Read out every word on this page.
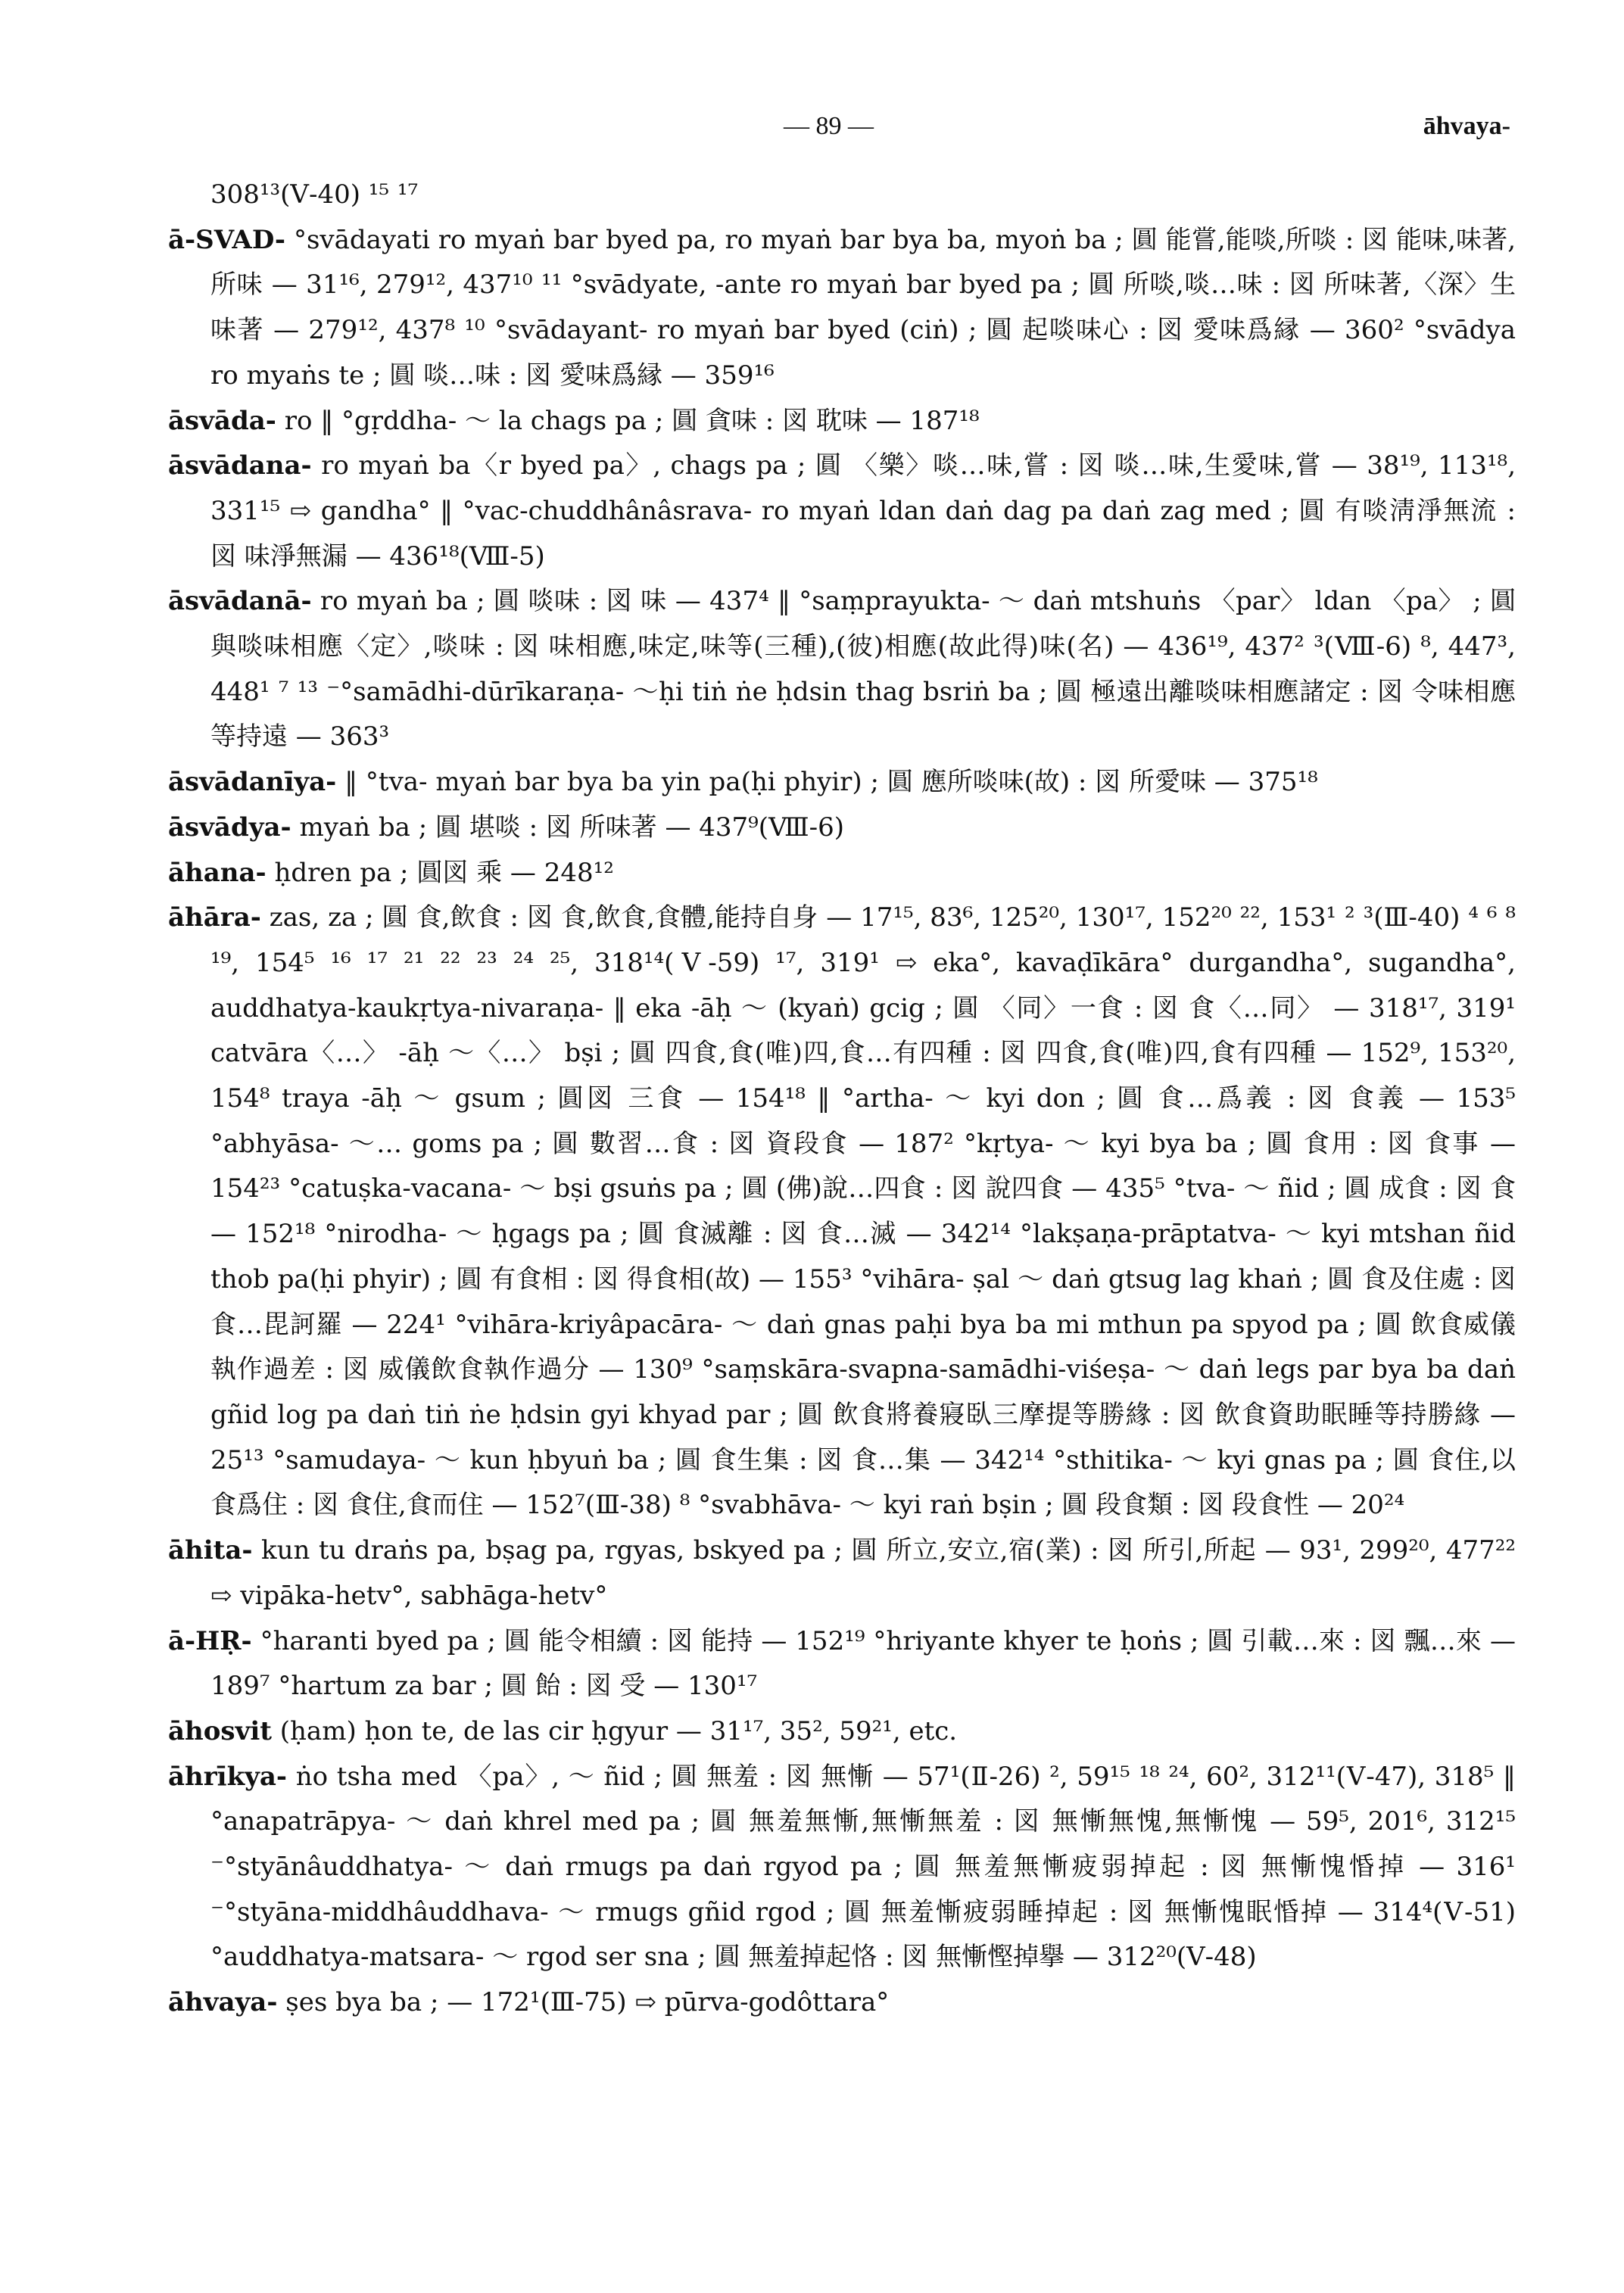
— 89 —	āhvaya-

308¹³(Ⅴ-40) ¹⁵ ¹⁷

ā-SVAD- °svādayati ro myaṅ bar byed pa, ro myaṅ bar bya ba, myoṅ ba ; 圓 能嘗,能啖,所啖 : 図 能味,味著,所味 — 31¹⁶, 279¹², 437¹⁰ ¹¹ °svādyate, -ante ro myaṅ bar byed pa ; 圓 所啖,啖…味 : 図 所味著,〈深〉生味著 — 279¹², 437⁸ ¹⁰ °svādayant- ro myaṅ bar byed (ciṅ) ; 圓 起啖味心 : 図 愛味爲縁 — 360² °svādya ro myaṅs te ; 圓 啖…味 : 図 愛味爲縁 — 359¹⁶

āsvāda- ro ‖ °gṛddha- ～ la chags pa ; 圓 貪味 : 図 耽味 — 187¹⁸

āsvādana- ro myaṅ ba〈r byed pa〉, chags pa ; 圓 〈樂〉啖…味,嘗 : 図 啖…味,生愛味,嘗 — 38¹⁹, 113¹⁸, 331¹⁵ ⇨ gandha° ‖ °vac-chuddhânâsrava- ro myaṅ ldan daṅ dag pa daṅ zag med ; 圓 有啖淸淨無流 : 図 味淨無漏 — 436¹⁸(Ⅷ-5)

āsvādanā- ro myaṅ ba ; 圓 啖味 : 図 味 — 437⁴ ‖ °saṃprayukta- ～ daṅ mtshuṅs 〈par〉 ldan 〈pa〉 ; 圓 與啖味相應〈定〉,啖味 : 図 味相應,味定,味等(三種),(彼)相應(故此得)味(名) — 436¹⁹, 437² ³(Ⅷ-6) ⁸, 447³, 448¹ ⁷ ¹³ ⁻°samādhi-dūrīkaraṇa- ～ḥi tiṅ ṅe ḥdsin thag bsriṅ ba ; 圓 極遠出離啖味相應諸定 : 図 令味相應等持遠 — 363³

āsvādanīya- ‖ °tva- myaṅ bar bya ba yin pa(ḥi phyir) ; 圓 應所啖味(故) : 図 所愛味 — 375¹⁸

āsvādya- myaṅ ba ; 圓 堪啖 : 図 所味著 — 437⁹(Ⅷ-6)

āhana- ḥdren pa ; 圓図 乘 — 248¹²

āhāra- zas, za ; 圓 食,飲食 : 図 食,飲食,食體,能持自身 — 17¹⁵, 83⁶, 125²⁰, 130¹⁷, 152²⁰ ²², 153¹ ² ³(Ⅲ-40) ⁴ ⁶ ⁸ ¹⁹, 154⁵ ¹⁶ ¹⁷ ²¹ ²² ²³ ²⁴ ²⁵, 318¹⁴(Ⅴ-59) ¹⁷, 319¹ ⇨ eka°, kavaḍīkāra° durgandha°, sugandha°, auddhatya-kaukṛtya-nivaraṇa- ‖ eka -āḥ ～ (kyaṅ) gcig ; 圓 〈同〉一食 : 図 食〈…同〉 — 318¹⁷, 319¹ catvāra〈…〉 -āḥ ～〈…〉 bṣi ; 圓 四食,食(唯)四,食…有四種 : 図 四食,食(唯)四,食有四種 — 152⁹, 153²⁰, 154⁸ traya -āḥ ～ gsum ; 圓図 三食 — 154¹⁸ ‖ °artha- ～ kyi don ; 圓 食…爲義 : 図 食義 — 153⁵ °abhyāsa- ～… goms pa ; 圓 數習…食 : 図 資段食 — 187² °kṛtya- ～ kyi bya ba ; 圓 食用 : 図 食事 — 154²³ °catuṣka-vacana- ～ bṣi gsuṅs pa ; 圓 (佛)說…四食 : 図 說四食 — 435⁵ °tva- ～ ñid ; 圓 成食 : 図 食 — 152¹⁸ °nirodha- ～ ḥgags pa ; 圓 食滅離 : 図 食…滅 — 342¹⁴ °lakṣaṇa-prāptatva- ～ kyi mtshan ñid thob pa(ḥi phyir) ; 圓 有食相 : 図 得食相(故) — 155³ °vihāra- ṣal ～ daṅ gtsug lag khaṅ ; 圓 食及住處 : 図 食…毘訶羅 — 224¹ °vihāra-kriyâpacāra- ～ daṅ gnas paḥi bya ba mi mthun pa spyod pa ; 圓 飲食威儀執作過差 : 図 威儀飲食執作過分 — 130⁹ °saṃskāra-svapna-samādhi-viśeṣa- ～ daṅ legs par bya ba daṅ gñid log pa daṅ tiṅ ṅe ḥdsin gyi khyad par ; 圓 飲食將養寢臥三摩提等勝緣 : 図 飲食資助眠睡等持勝緣 — 25¹³ °samudaya- ～ kun ḥbyuṅ ba ; 圓 食生集 : 図 食…集 — 342¹⁴ °sthitika- ～ kyi gnas pa ; 圓 食住,以食爲住 : 図 食住,食而住 — 152⁷(Ⅲ-38) ⁸ °svabhāva- ～ kyi raṅ bṣin ; 圓 段食類 : 図 段食性 — 20²⁴

āhita- kun tu draṅs pa, bṣag pa, rgyas, bskyed pa ; 圓 所立,安立,宿(業) : 図 所引,所起 — 93¹, 299²⁰, 477²² ⇨ vipāka-hetv°, sabhāga-hetv°

ā-HṚ- °haranti byed pa ; 圓 能令相續 : 図 能持 — 152¹⁹ °hriyante khyer te ḥoṅs ; 圓 引載…來 : 図 飄…來 — 189⁷ °hartum za bar ; 圓 飴 : 図 受 — 130¹⁷

āhosvit (ḥam) ḥon te, de las cir ḥgyur — 31¹⁷, 35², 59²¹, etc.

āhrīkya- ṅo tsha med 〈pa〉, ～ ñid ; 圓 無羞 : 図 無慚 — 57¹(Ⅱ-26) ², 59¹⁵ ¹⁸ ²⁴, 60², 312¹¹(Ⅴ-47), 318⁵ ‖ °anapatrāpya- ～ daṅ khrel med pa ; 圓 無羞無慚,無慚無羞 : 図 無慚無愧,無慚愧 — 59⁵, 201⁶, 312¹⁵ ⁻°styānâuddhatya- ～ daṅ rmugs pa daṅ rgyod pa ; 圓 無羞無慚疲弱掉起 : 図 無慚愧惛掉 — 316¹ ⁻°styāna-middhâuddhava- ～ rmugs gñid rgod ; 圓 無羞慚疲弱睡掉起 : 図 無慚愧眠惛掉 — 314⁴(Ⅴ-51) °auddhatya-matsara- ～ rgod ser sna ; 圓 無羞掉起恪 : 図 無慚慳掉擧 — 312²⁰(Ⅴ-48)

āhvaya- ṣes bya ba ; — 172¹(Ⅲ-75) ⇨ pūrva-godôttara°
